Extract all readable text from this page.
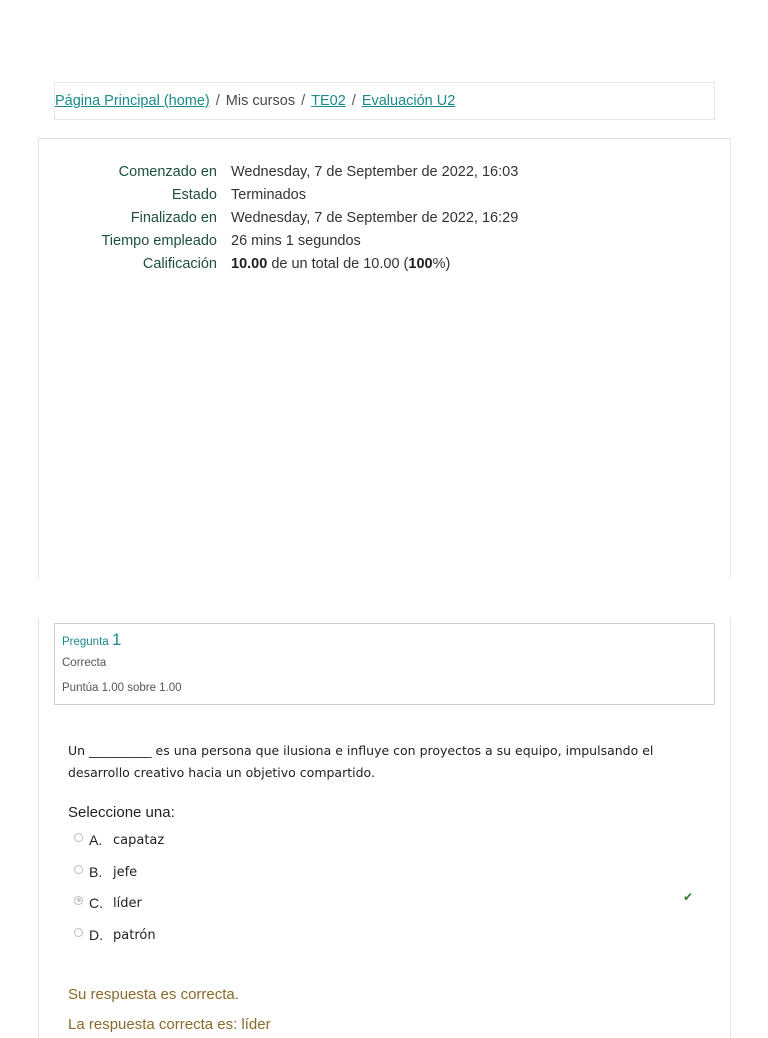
Página Principal (home) / Mis cursos / TE02 / Evaluación U2
Comenzado en	Wednesday, 7 de September de 2022, 16:03
Estado	Terminados
Finalizado en	Wednesday, 7 de September de 2022, 16:29
Tiempo empleado	26 mins 1 segundos
Calificación	10.00 de un total de 10.00 (100%)
Pregunta 1
Correcta
Puntúa 1.00 sobre 1.00
Un __________ es una persona que ilusiona e influye con proyectos a su equipo, impulsando el desarrollo creativo hacia un objetivo compartido.
Seleccione una:
A. capataz
B. jefe
C. líder
D. patrón
✔
Su respuesta es correcta.
La respuesta correcta es: líder
